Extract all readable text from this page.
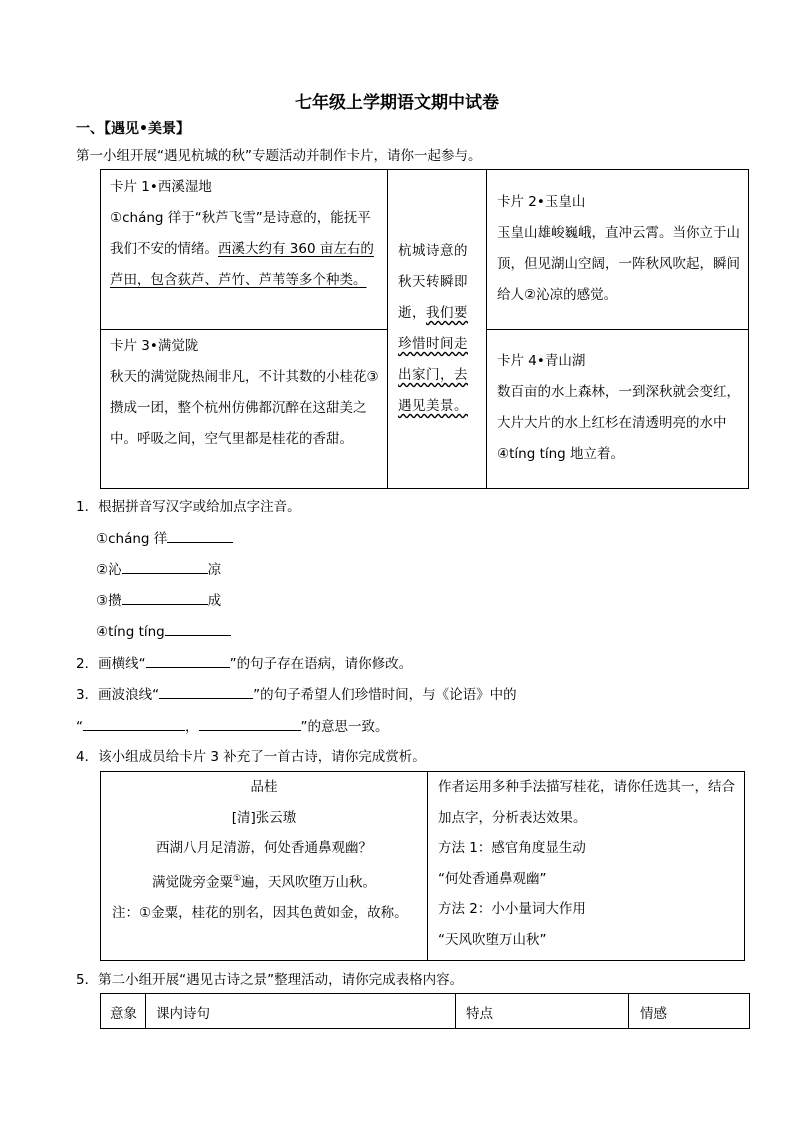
七年级上学期语文期中试卷
一、【遇见•美景】
第一小组开展“遇见杭城的秋”专题活动并制作卡片，请你一起参与。
卡片 1•西溪湿地
①cháng 徉于“秋芦飞雪”是诗意的，能抚平我们不安的情绪。西溪大约有 360 亩左右的芦田，包含荻芦、芦竹、芦苇等多个种类。
杭城诗意的秋天转瞬即逝，我们要珍惜时间走出家门，去遇见美景。
卡片 2•玉皇山
玉皇山雄峻巍峨，直冲云霄。当你立于山顶，但见湖山空阔，一阵秋风吹起，瞬间给人②沁凉的感觉。
卡片 3•满觉陇
秋天的满觉陇热闹非凡，不计其数的小桂花③攒成一团，整个杭州仿佛都沉醉在这甜美之中。呼吸之间，空气里都是桂花的香甜。
卡片 4•青山湖
数百亩的水上森林，一到深秋就会变红，大片大片的水上红杉在清透明亮的水中④tíng tíng 地立着。
1．根据拼音写汉字或给加点字注音。
①cháng 徉
②沁	凉
③攒	成
④tíng tíng
2．画横线“	”的句子存在语病，请你修改。
3．画波浪线“	”的句子希望人们珍惜时间，与《论语》中的
“	，	”的意思一致。
4．该小组成员给卡片 3 补充了一首古诗，请你完成赏析。
品桂
[清]张云璈
西湖八月足清游，何处香通鼻观幽？
满觉陇旁金粟①遍，天风吹堕万山秋。
注：①金粟，桂花的别名，因其色黄如金，故称。
作者运用多种手法描写桂花，请你任选其一，结合加点字，分析表达效果。
方法 1：感官角度显生动
“何处香通鼻观幽”
方法 2：小小量词大作用
“天风吹堕万山秋”
5．第二小组开展“遇见古诗之景”整理活动，请你完成表格内容。
意象 课内诗句	特点	情感
